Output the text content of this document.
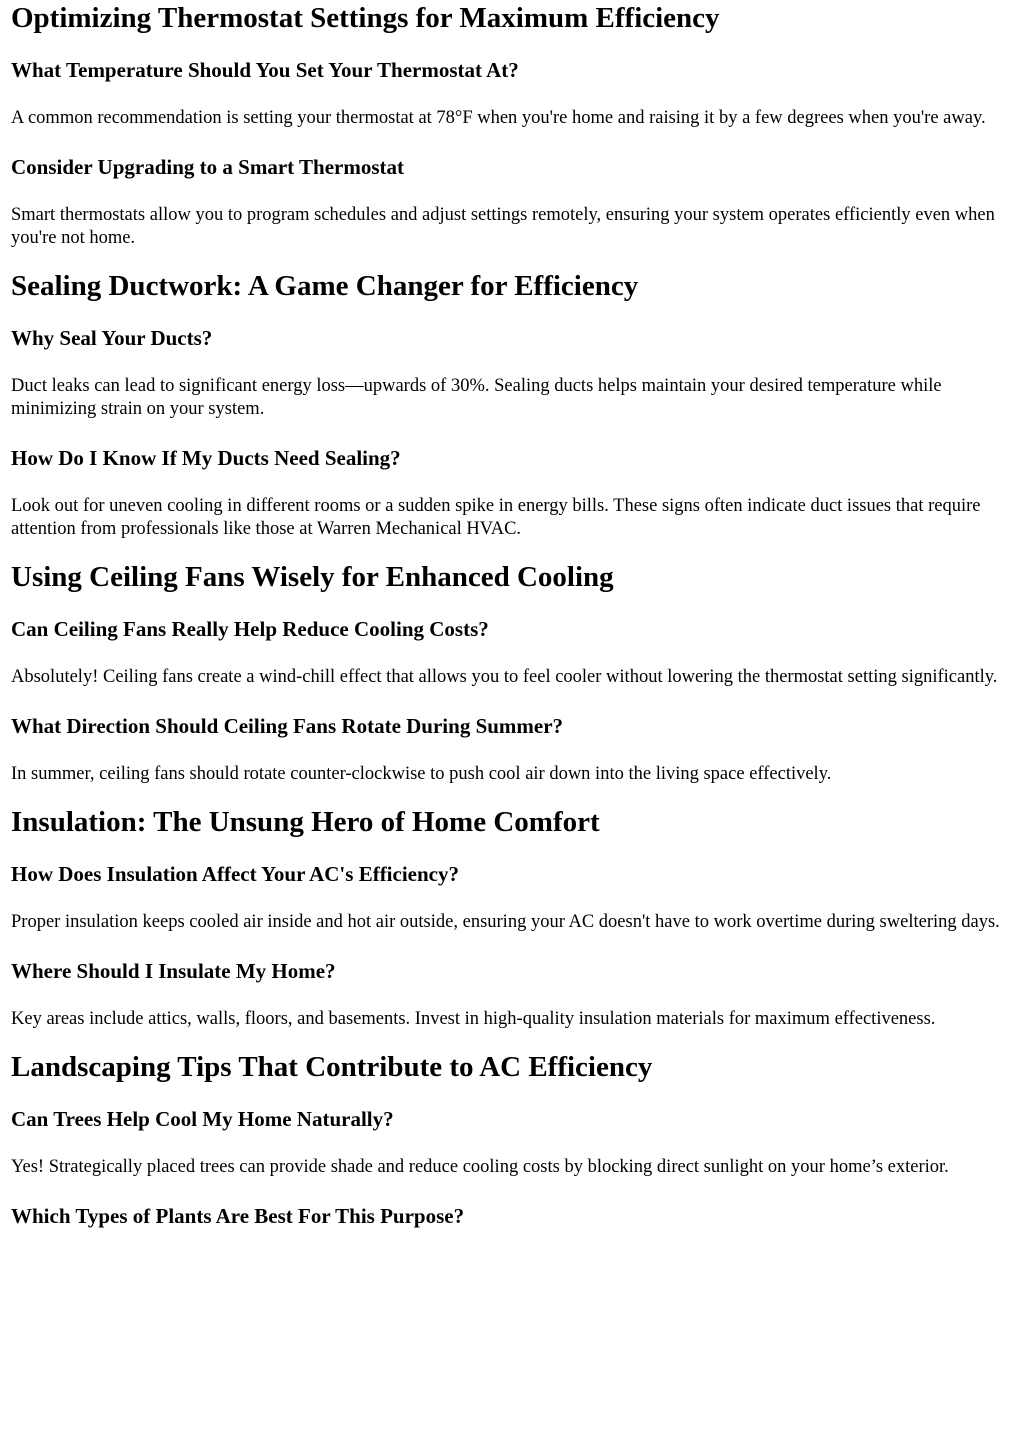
Optimizing Thermostat Settings for Maximum Efficiency
What Temperature Should You Set Your Thermostat At?

A common recommendation is setting your thermostat at 78°F when you're home and raising it by a few degrees when you're away.

Consider Upgrading to a Smart Thermostat

Smart thermostats allow you to program schedules and adjust settings remotely, ensuring your system operates efficiently even when you're not home.

Sealing Ductwork: A Game Changer for Efficiency
Why Seal Your Ducts?

Duct leaks can lead to significant energy loss—upwards of 30%. Sealing ducts helps maintain your desired temperature while minimizing strain on your system.

How Do I Know If My Ducts Need Sealing?

Look out for uneven cooling in different rooms or a sudden spike in energy bills. These signs often indicate duct issues that require attention from professionals like those at Warren Mechanical HVAC.

Using Ceiling Fans Wisely for Enhanced Cooling
Can Ceiling Fans Really Help Reduce Cooling Costs?

Absolutely! Ceiling fans create a wind-chill effect that allows you to feel cooler without lowering the thermostat setting significantly.

What Direction Should Ceiling Fans Rotate During Summer?

In summer, ceiling fans should rotate counter-clockwise to push cool air down into the living space effectively.

Insulation: The Unsung Hero of Home Comfort
How Does Insulation Affect Your AC's Efficiency?

Proper insulation keeps cooled air inside and hot air outside, ensuring your AC doesn't have to work overtime during sweltering days.

Where Should I Insulate My Home?

Key areas include attics, walls, floors, and basements. Invest in high-quality insulation materials for maximum effectiveness.

Landscaping Tips That Contribute to AC Efficiency
Can Trees Help Cool My Home Naturally?

Yes! Strategically placed trees can provide shade and reduce cooling costs by blocking direct sunlight on your home’s exterior.

Which Types of Plants Are Best For This Purpose?
